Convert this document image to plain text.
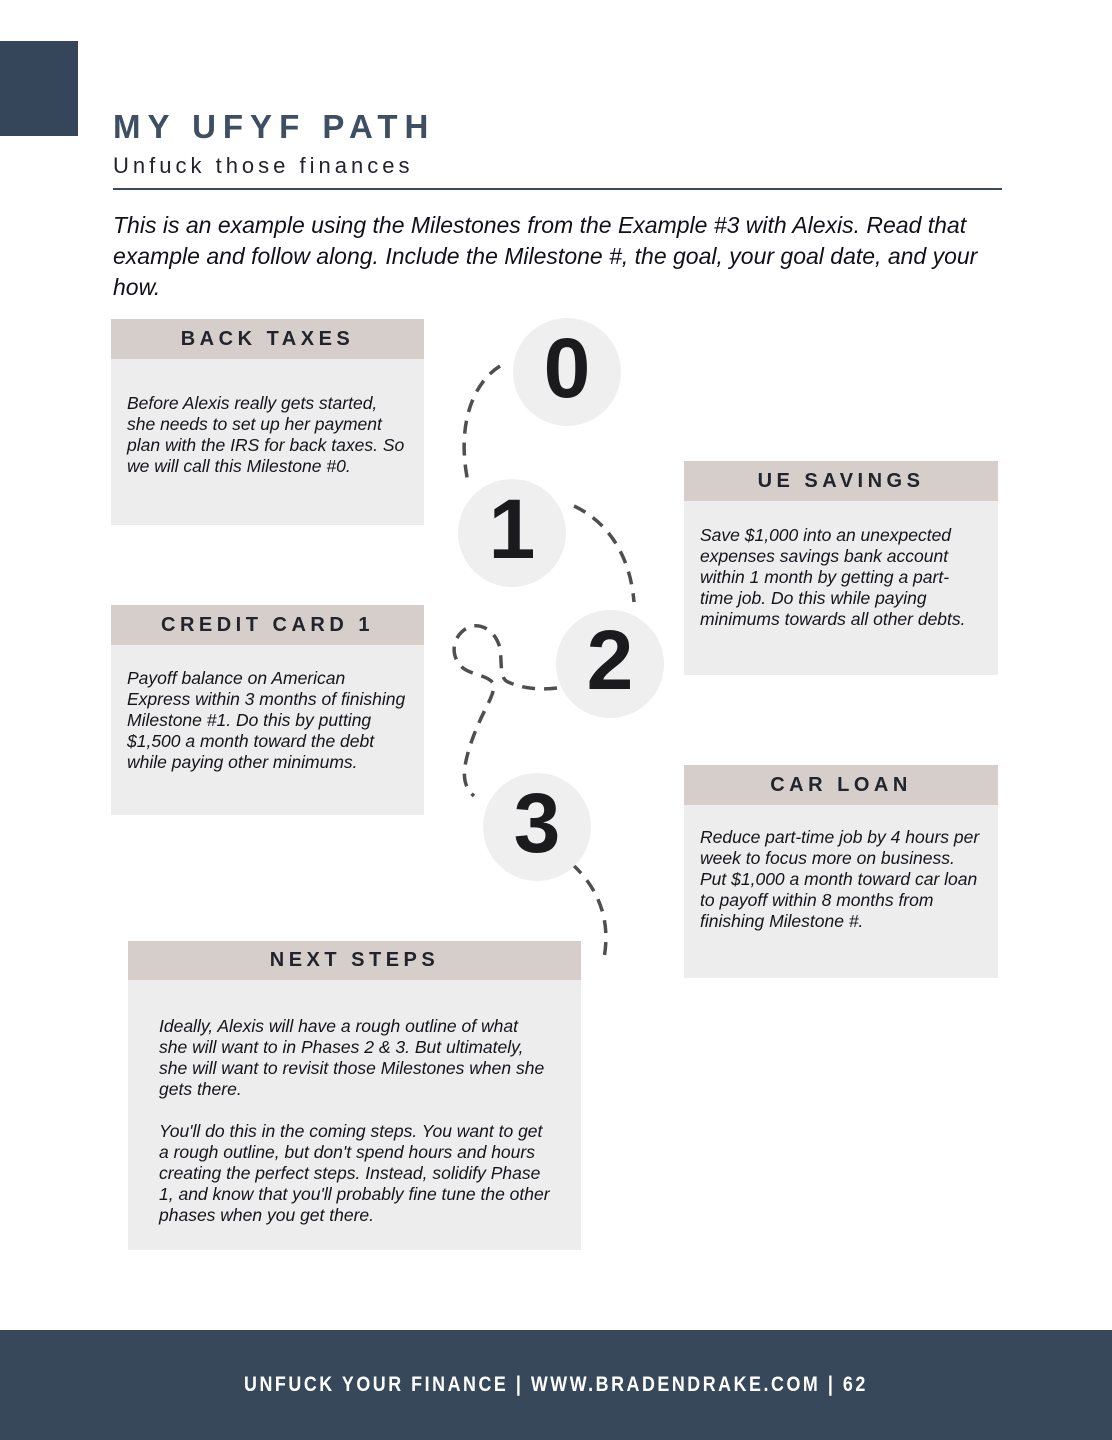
MY UFYF PATH
Unfuck those finances
This is an example using the Milestones from the Example #3 with Alexis. Read that example and follow along. Include the Milestone #, the goal, your goal date, and your how.
BACK TAXES
Before Alexis really gets started, she needs to set up her payment plan with the IRS for back taxes. So we will call this Milestone #0.
UE SAVINGS
Save $1,000 into an unexpected expenses savings bank account within 1 month by getting a part-time job. Do this while paying minimums towards all other debts.
CREDIT CARD 1
Payoff balance on American Express within 3 months of finishing Milestone #1. Do this by putting $1,500 a month toward the debt while paying other minimums.
CAR LOAN
Reduce part-time job by 4 hours per week to focus more on business. Put $1,000 a month toward car loan to payoff within 8 months from finishing Milestone #.
NEXT STEPS

Ideally, Alexis will have a rough outline of what she will want to in Phases 2 & 3. But ultimately, she will want to revisit those Milestones when she gets there.

You'll do this in the coming steps. You want to get a rough outline, but don't spend hours and hours creating the perfect steps. Instead, solidify Phase 1, and know that you'll probably fine tune the other phases when you get there.

0
1
2
3
UNFUCK YOUR FINANCE | WWW.BRADENDRAKE.COM | 62
